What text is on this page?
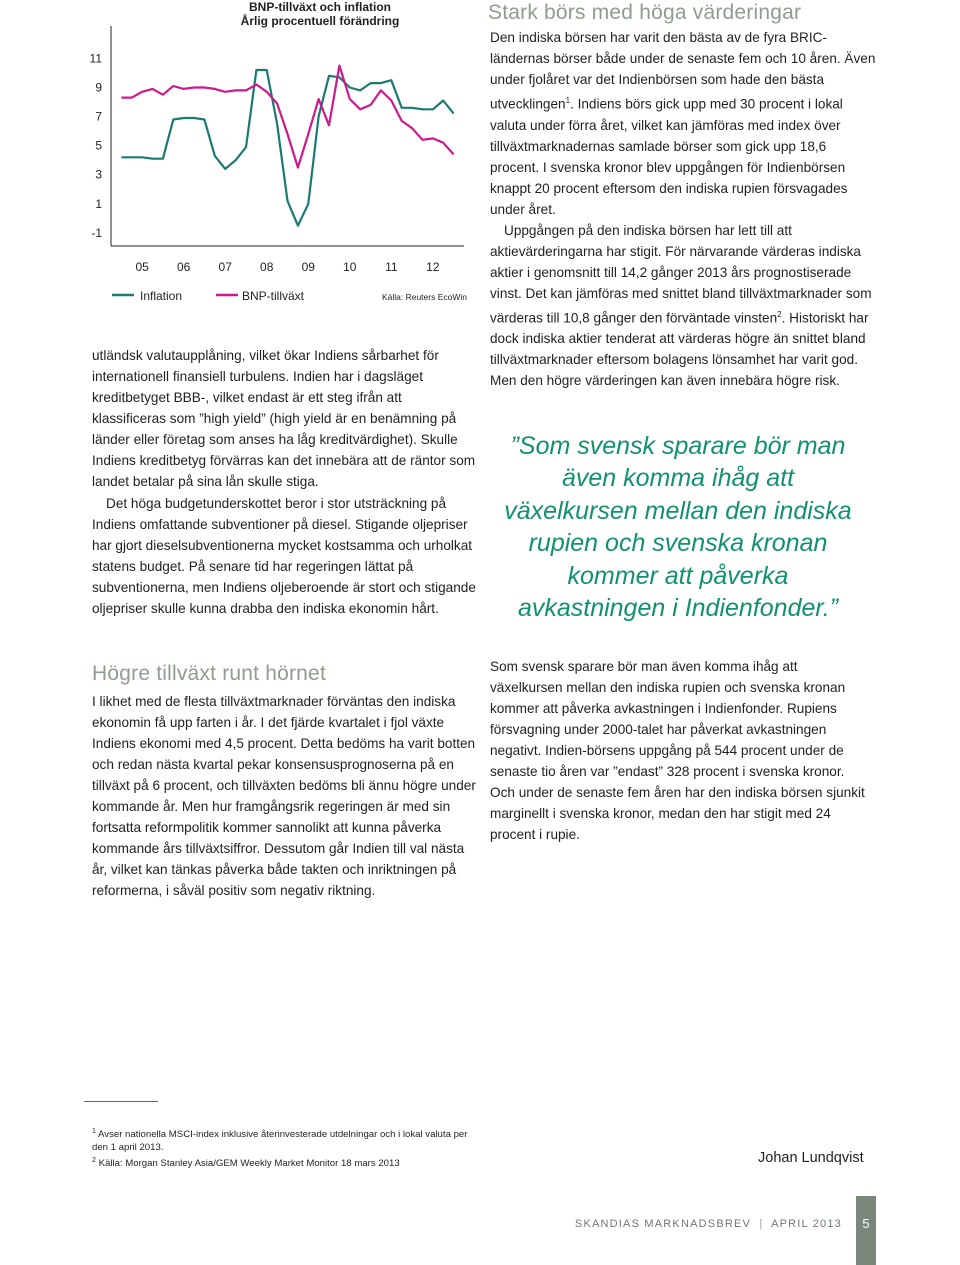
BNP-tillväxt och inflation
Årlig procentuell förändring
11
9
7
5
3
1
-1
05 06 07 08 09 10 11 12
Inflation	BNP-tillväxt	Källa: Reuters EcoWin

utländsk valutaupplåning, vilket ökar Indiens sårbarhet för internationell finansiell turbulens. Indien har i dagsläget kreditbetyget BBB-, vilket endast är ett steg ifrån att klassificeras som ”high yield” (high yield är en benämning på länder eller företag som anses ha låg kreditvärdighet). Skulle Indiens kreditbetyg förvärras kan det innebära att de räntor som landet betalar på sina lån skulle stiga.

Det höga budgetunderskottet beror i stor utsträckning på Indiens omfattande subventioner på diesel. Stigande oljepriser har gjort dieselsubventionerna mycket kostsamma och urholkat statens budget. På senare tid har regeringen lättat på subventionerna, men Indiens oljeberoende är stort och stigande oljepriser skulle kunna drabba den indiska ekonomin hårt.

Högre tillväxt runt hörnet

I likhet med de flesta tillväxtmarknader förväntas den indiska ekonomin få upp farten i år. I det fjärde kvartalet i fjol växte Indiens ekonomi med 4,5 procent. Detta bedöms ha varit botten och redan nästa kvartal pekar konsensusprognoserna på en tillväxt på 6 procent, och tillväxten bedöms bli ännu högre under kommande år. Men hur framgångsrik regeringen är med sin fortsatta reformpolitik kommer sannolikt att kunna påverka kommande års tillväxtsiffror. Dessutom går Indien till val nästa år, vilket kan tänkas påverka både takten och inriktningen på reformerna, i såväl positiv som negativ riktning.

Stark börs med höga värderingar

Den indiska börsen har varit den bästa av de fyra BRIC-ländernas börser både under de senaste fem och 10 åren. Även under fjolåret var det Indienbörsen som hade den bästa utvecklingen$^1$. Indiens börs gick upp med 30 procent i lokal valuta under förra året, vilket kan jämföras med index över tillväxtmarknadernas samlade börser som gick upp 18,6 procent. I svenska kronor blev uppgången för Indienbörsen knappt 20 procent eftersom den indiska rupien försvagades under året.

Uppgången på den indiska börsen har lett till att aktievärderingarna har stigit. För närvarande värderas indiska aktier i genomsnitt till 14,2 gånger 2013 års prognostiserade vinst. Det kan jämföras med snittet bland tillväxtmarknader som värderas till 10,8 gånger den förväntade vinsten$^2$. Historiskt har dock indiska aktier tenderat att värderas högre än snittet bland tillväxtmarknader eftersom bolagens lönsamhet har varit god. Men den högre värderingen kan även innebära högre risk.

”Som svensk sparare bör man även komma ihåg att växelkursen mellan den indiska rupien och svenska kronan kommer att påverka avkastningen i Indienfonder.”

Som svensk sparare bör man även komma ihåg att växelkursen mellan den indiska rupien och svenska kronan kommer att påverka avkastningen i Indienfonder. Rupiens försvagning under 2000-talet har påverkat avkastningen negativt. Indien-börsens uppgång på 544 procent under de senaste tio åren var ”endast” 328 procent i svenska kronor. Och under de senaste fem åren har den indiska börsen sjunkit marginellt i svenska kronor, medan den har stigit med 24 procent i rupie.

$^1$ Avser nationella MSCI-index inklusive återinvesterade utdelningar och i lokal valuta per den 1 april 2013.
$^2$ Källa: Morgan Stanley Asia/GEM Weekly Market Monitor 18 mars 2013	Johan Lundqvist
SKANDIAS MARKNADSBREV | APRIL 2013 5
